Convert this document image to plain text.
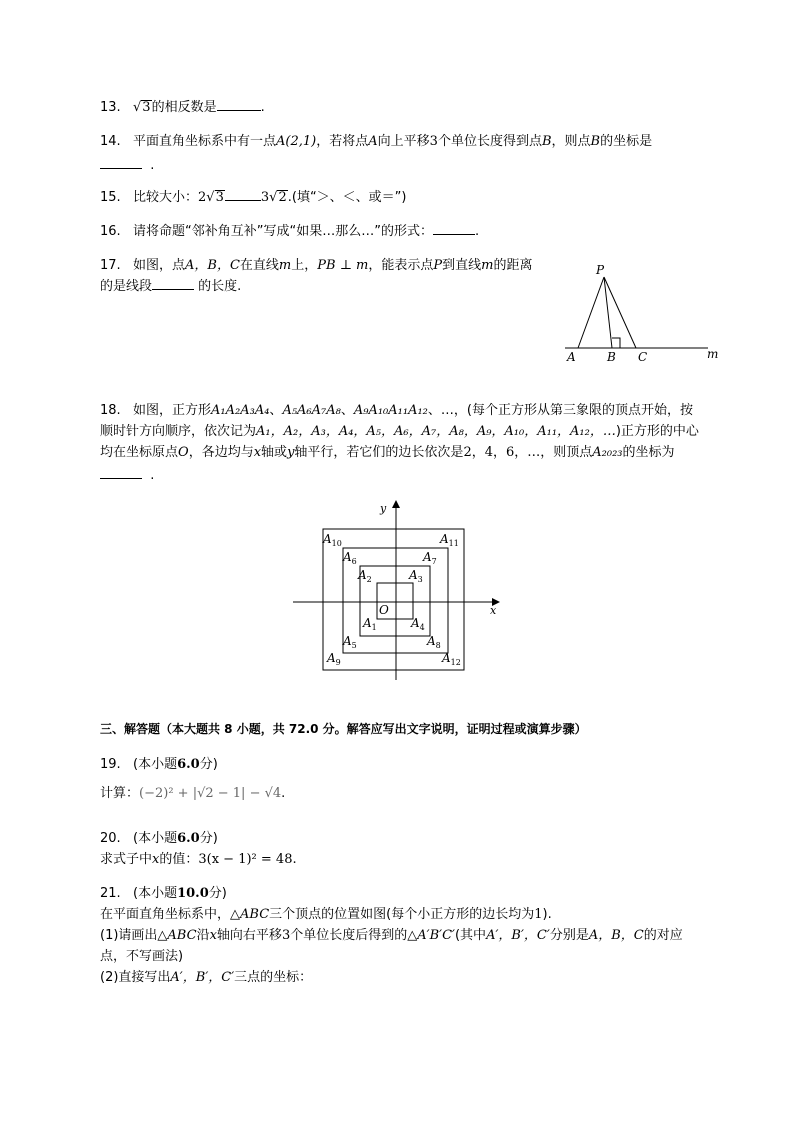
13. √3的相反数是	.
14. 平面直角坐标系中有一点A(2,1)，若将点A向上平移3个单位长度得到点B，则点B的坐标是
.
15. 比较大小：2√3	3√2.(填“＞、＜、或＝”)
16. 请将命题“邻补角互补”写成“如果…那么…”的形式：	.
17. 如图，点A，B，C在直线m上，PB ⊥ m，能表示点P到直线m的距离
的是线段	的长度.
P
A	B C	m
18. 如图，正方形A₁A₂A₃A₄、A₅A₆A₇A₈、A₉A₁₀A₁₁A₁₂、…，(每个正方形从第三象限的顶点开始，按
顺时针方向顺序，依次记为A₁，A₂，A₃，A₄，A₅，A₆，A₇，A₈，A₉，A₁₀，A₁₁，A₁₂，…)正方形的中心
均在坐标原点O，各边均与x轴或y轴平行，若它们的边长依次是2，4，6，…，则顶点A₂₀₂₃的坐标为
.
y
x
O
$A_1$
$A_2$	$A_3$
$A_4$
$A_5$
$A_6$	$A_7$
$A_8$
$A_9$
$A_{10}$	$A_{11}$
$A_{12}$
三、解答题（本大题共 8 小题，共 72.0 分。解答应写出文字说明，证明过程或演算步骤）
19. (本小题6.0分)
计算：(−2)² + |√2 − 1| − √4.
20. (本小题6.0分)
求式子中x的值：3(x − 1)² = 48.
21. (本小题10.0分)
在平面直角坐标系中，△ABC三个顶点的位置如图(每个小正方形的边长均为1).
(1)请画出△ABC沿x轴向右平移3个单位长度后得到的△A′B′C′(其中A′，B′，C′分别是A，B，C的对应
点，不写画法)
(2)直接写出A′，B′，C′三点的坐标：
